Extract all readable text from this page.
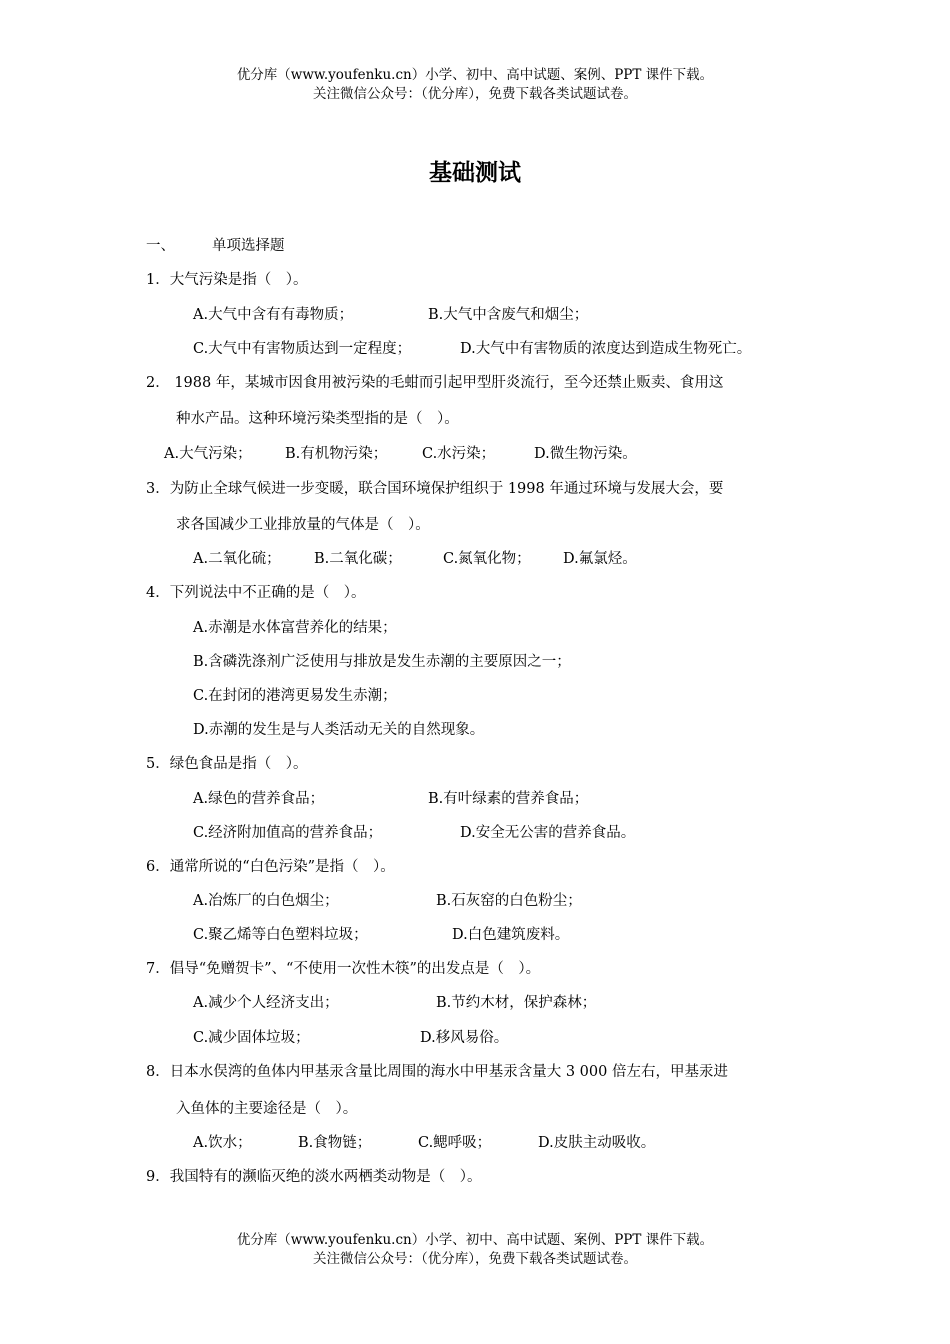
优分库（www.youfenku.cn）小学、初中、高中试题、案例、PPT 课件下载。
关注微信公众号：（优分库），免费下载各类试题试卷。
基础测试
一、	单项选择题
1．大气污染是指（　）。
A.大气中含有有毒物质；	B.大气中含废气和烟尘；
C.大气中有害物质达到一定程度；	D.大气中有害物质的浓度达到造成生物死亡。
2． 1988 年，某城市因食用被污染的毛蚶而引起甲型肝炎流行，至今还禁止贩卖、食用这
种水产品。这种环境污染类型指的是（　）。
A.大气污染； B.有机物污染； C.水污染；	D.微生物污染。
3．为防止全球气候进一步变暖，联合国环境保护组织于 1998 年通过环境与发展大会，要
求各国减少工业排放量的气体是（　）。
A.二氧化硫； B.二氧化碳；	C.氮氧化物； D.氟氯烃。
4．下列说法中不正确的是（　）。
A.赤潮是水体富营养化的结果；
B.含磷洗涤剂广泛使用与排放是发生赤潮的主要原因之一；
C.在封闭的港湾更易发生赤潮；
D.赤潮的发生是与人类活动无关的自然现象。
5．绿色食品是指（　）。
A.绿色的营养食品；	B.有叶绿素的营养食品；
C.经济附加值高的营养食品；	D.安全无公害的营养食品。
6．通常所说的“白色污染”是指（　）。
A.冶炼厂的白色烟尘；	B.石灰窑的白色粉尘；
C.聚乙烯等白色塑料垃圾；	D.白色建筑废料。
7．倡导“免赠贺卡”、“不使用一次性木筷”的出发点是（　）。
A.减少个人经济支出；	B.节约木材，保护森林；
C.减少固体垃圾；	D.移风易俗。
8．日本水俣湾的鱼体内甲基汞含量比周围的海水中甲基汞含量大 3 000 倍左右，甲基汞进
入鱼体的主要途径是（　）。
A.饮水；	B.食物链；	C.鳃呼吸；	D.皮肤主动吸收。
9．我国特有的濒临灭绝的淡水两栖类动物是（　）。
优分库（www.youfenku.cn）小学、初中、高中试题、案例、PPT 课件下载。
关注微信公众号：（优分库），免费下载各类试题试卷。
